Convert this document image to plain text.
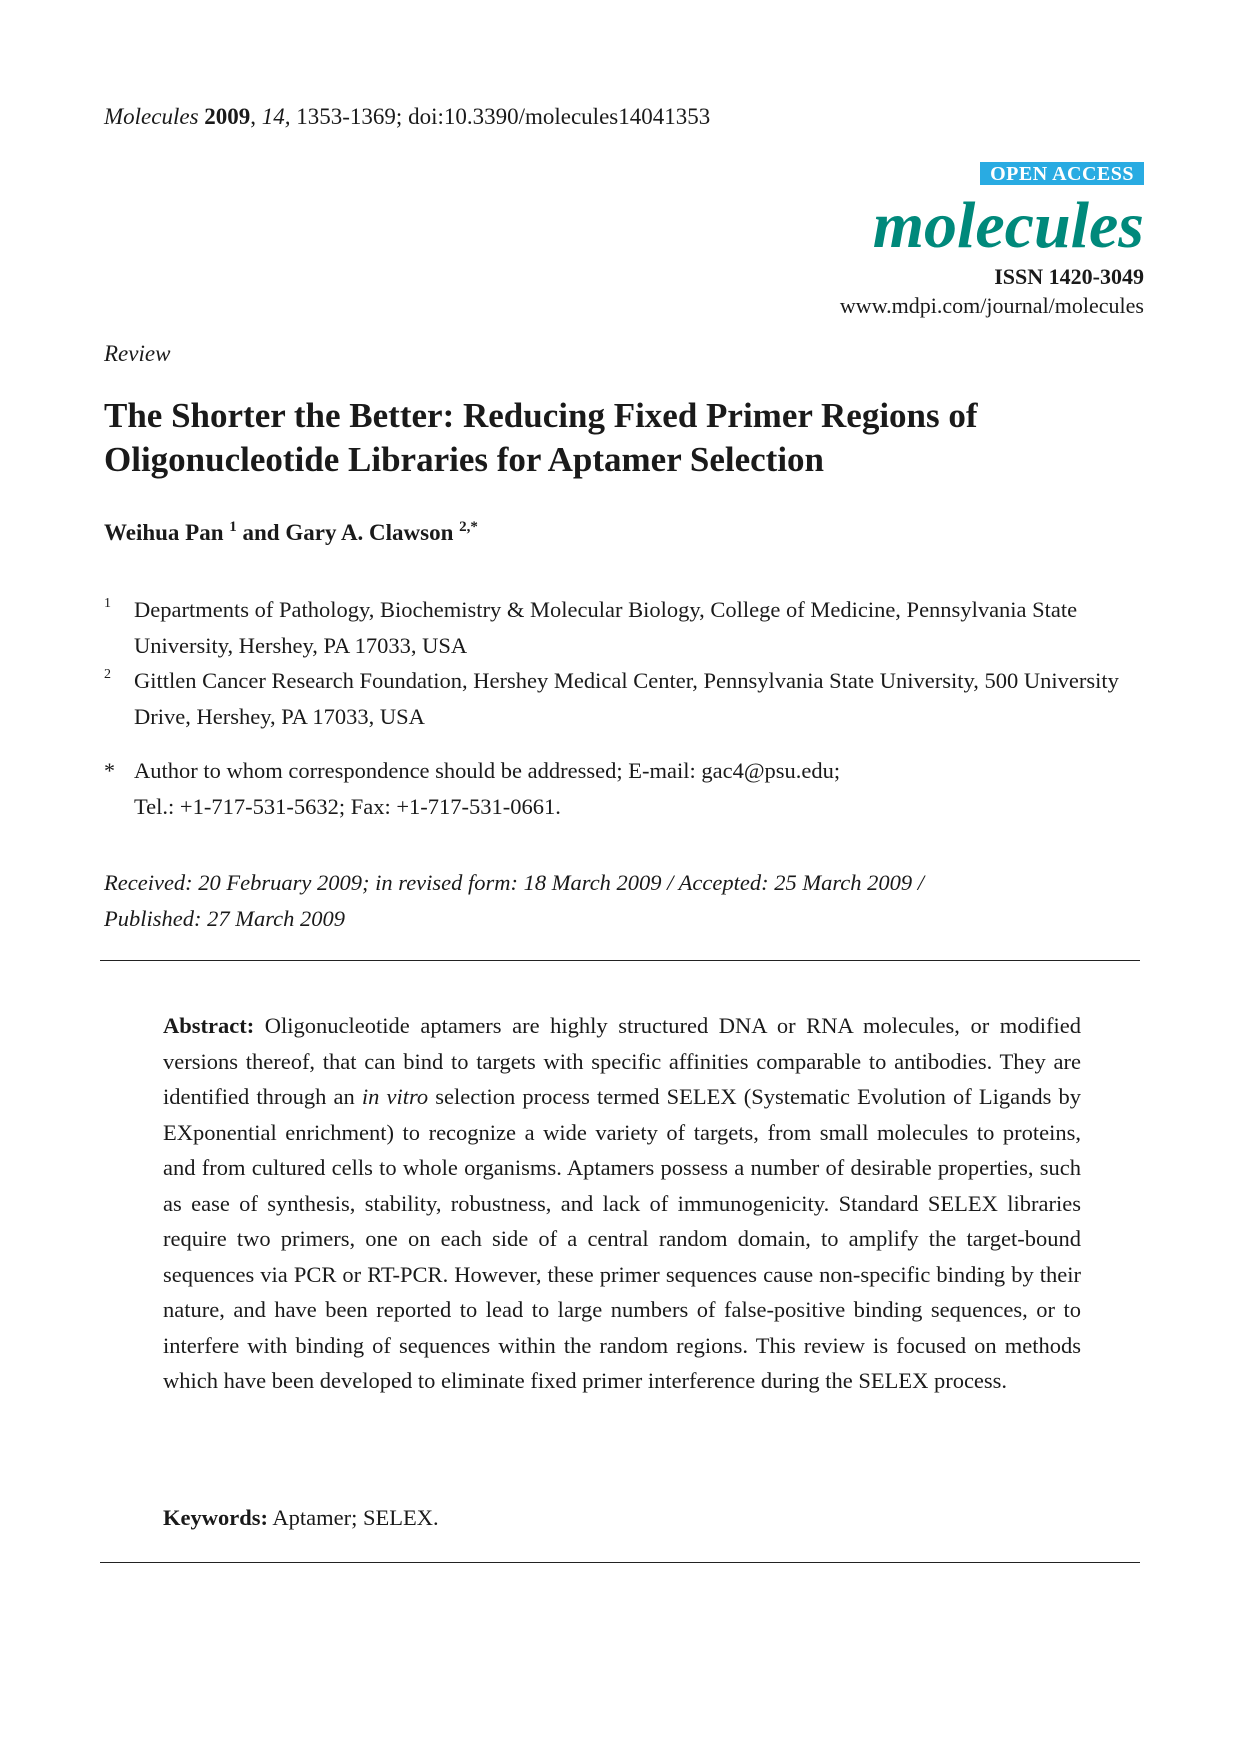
Molecules 2009, 14, 1353-1369; doi:10.3390/molecules14041353
OPEN ACCESS
molecules
ISSN 1420-3049
www.mdpi.com/journal/molecules
Review
The Shorter the Better: Reducing Fixed Primer Regions of Oligonucleotide Libraries for Aptamer Selection
Weihua Pan $^1$ and Gary A. Clawson $^{2,*}$
1 Departments of Pathology, Biochemistry & Molecular Biology, College of Medicine, Pennsylvania State University, Hershey, PA 17033, USA
2 Gittlen Cancer Research Foundation, Hershey Medical Center, Pennsylvania State University, 500 University Drive, Hershey, PA 17033, USA
* Author to whom correspondence should be addressed; E-mail: gac4@psu.edu;
Tel.: +1-717-531-5632; Fax: +1-717-531-0661.
Received: 20 February 2009; in revised form: 18 March 2009 / Accepted: 25 March 2009 /
Published: 27 March 2009

Abstract: Oligonucleotide aptamers are highly structured DNA or RNA molecules, or modified versions thereof, that can bind to targets with specific affinities comparable to antibodies. They are identified through an in vitro selection process termed SELEX (Systematic Evolution of Ligands by EXponential enrichment) to recognize a wide variety of targets, from small molecules to proteins, and from cultured cells to whole organisms. Aptamers possess a number of desirable properties, such as ease of synthesis, stability, robustness, and lack of immunogenicity. Standard SELEX libraries require two primers, one on each side of a central random domain, to amplify the target-bound sequences via PCR or RT-PCR. However, these primer sequences cause non-specific binding by their nature, and have been reported to lead to large numbers of false-positive binding sequences, or to interfere with binding of sequences within the random regions. This review is focused on methods which have been developed to eliminate fixed primer interference during the SELEX process.

Keywords: Aptamer; SELEX.
